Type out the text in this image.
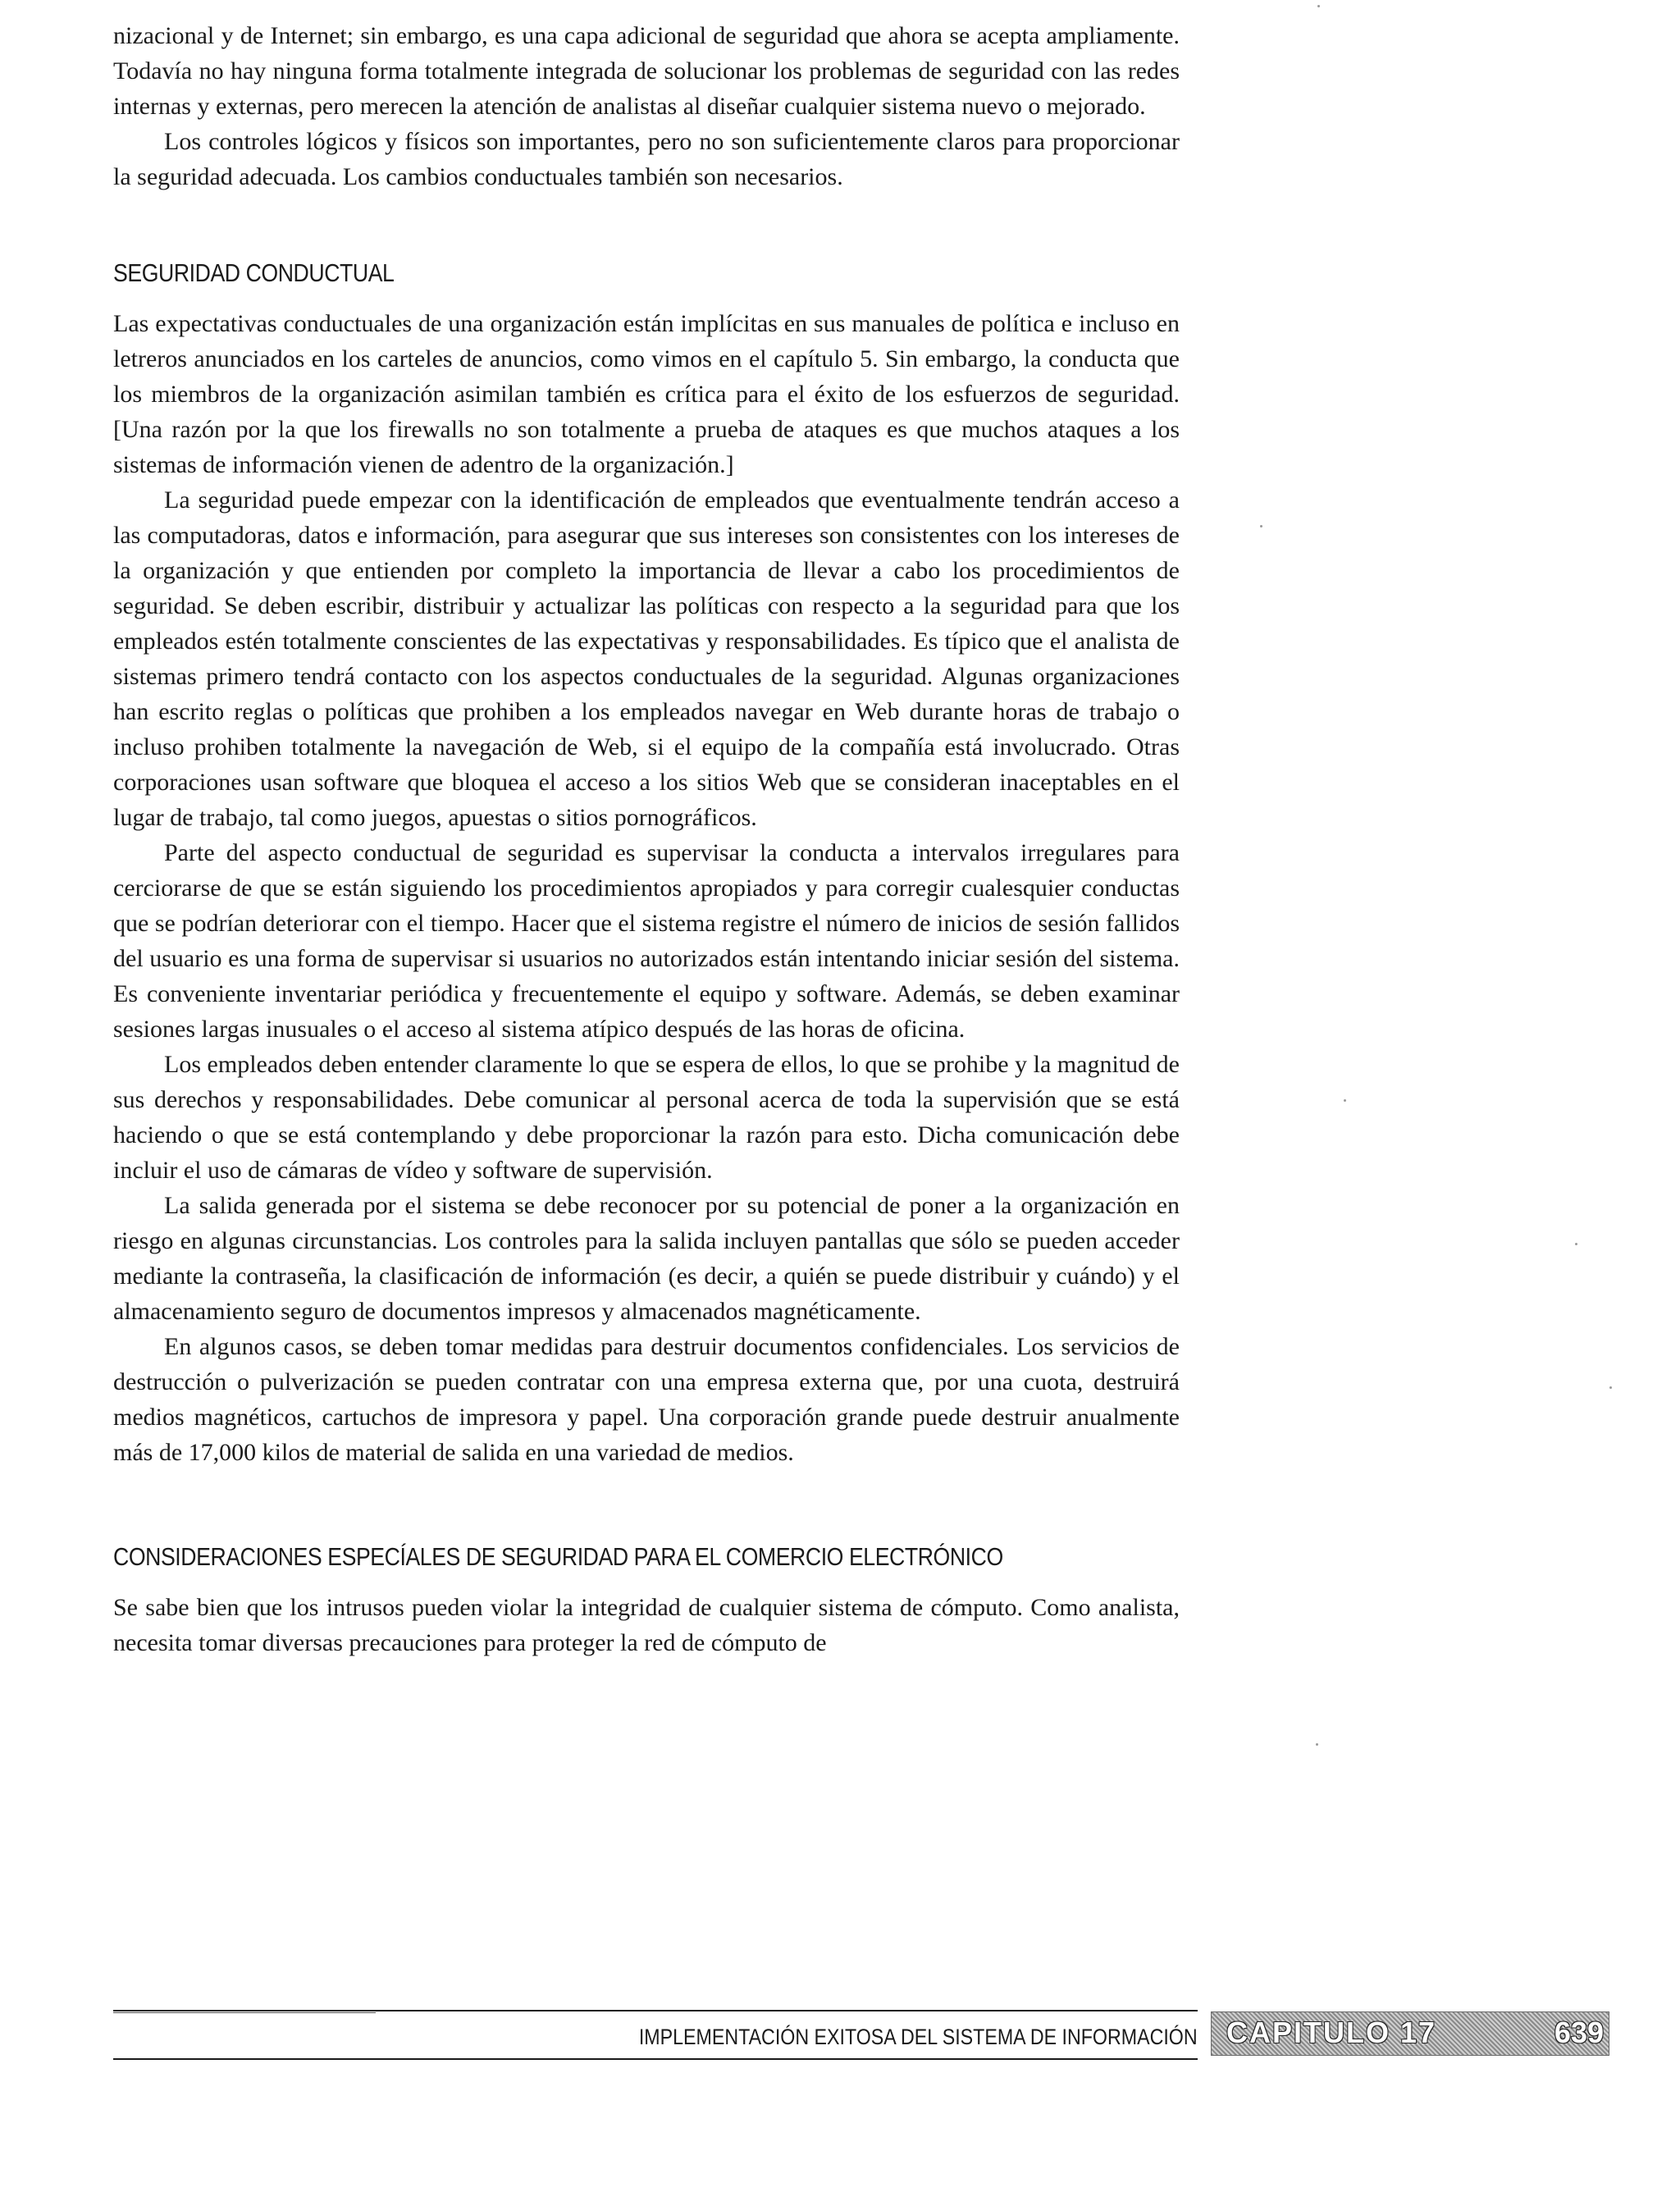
nizacional y de Internet; sin embargo, es una capa adicional de seguridad que ahora se acepta ampliamente. Todavía no hay ninguna forma totalmente integrada de solucionar los problemas de seguridad con las redes internas y externas, pero merecen la atención de analistas al diseñar cualquier sistema nuevo o mejorado.

Los controles lógicos y físicos son importantes, pero no son suficientemente claros para proporcionar la seguridad adecuada. Los cambios conductuales también son necesarios.

SEGURIDAD CONDUCTUAL

Las expectativas conductuales de una organización están implícitas en sus manuales de política e incluso en letreros anunciados en los carteles de anuncios, como vimos en el capítulo 5. Sin embargo, la conducta que los miembros de la organización asimilan también es crítica para el éxito de los esfuerzos de seguridad. [Una razón por la que los firewalls no son totalmente a prueba de ataques es que muchos ataques a los sistemas de información vienen de adentro de la organización.]

La seguridad puede empezar con la identificación de empleados que eventualmente tendrán acceso a las computadoras, datos e información, para asegurar que sus intereses son consistentes con los intereses de la organización y que entienden por completo la importancia de llevar a cabo los procedimientos de seguridad. Se deben escribir, distribuir y actualizar las políticas con respecto a la seguridad para que los empleados estén totalmente conscientes de las expectativas y responsabilidades. Es típico que el analista de sistemas primero tendrá contacto con los aspectos conductuales de la seguridad. Algunas organizaciones han escrito reglas o políticas que prohiben a los empleados navegar en Web durante horas de trabajo o incluso prohiben totalmente la navegación de Web, si el equipo de la compañía está involucrado. Otras corporaciones usan software que bloquea el acceso a los sitios Web que se consideran inaceptables en el lugar de trabajo, tal como juegos, apuestas o sitios pornográficos.

Parte del aspecto conductual de seguridad es supervisar la conducta a intervalos irregulares para cerciorarse de que se están siguiendo los procedimientos apropiados y para corregir cualesquier conductas que se podrían deteriorar con el tiempo. Hacer que el sistema registre el número de inicios de sesión fallidos del usuario es una forma de supervisar si usuarios no autorizados están intentando iniciar sesión del sistema. Es conveniente inventariar periódica y frecuentemente el equipo y software. Además, se deben examinar sesiones largas inusuales o el acceso al sistema atípico después de las horas de oficina.

Los empleados deben entender claramente lo que se espera de ellos, lo que se prohibe y la magnitud de sus derechos y responsabilidades. Debe comunicar al personal acerca de toda la supervisión que se está haciendo o que se está contemplando y debe proporcionar la razón para esto. Dicha comunicación debe incluir el uso de cámaras de vídeo y software de supervisión.

La salida generada por el sistema se debe reconocer por su potencial de poner a la organización en riesgo en algunas circunstancias. Los controles para la salida incluyen pantallas que sólo se pueden acceder mediante la contraseña, la clasificación de información (es decir, a quién se puede distribuir y cuándo) y el almacenamiento seguro de documentos impresos y almacenados magnéticamente.

En algunos casos, se deben tomar medidas para destruir documentos confidenciales. Los servicios de destrucción o pulverización se pueden contratar con una empresa externa que, por una cuota, destruirá medios magnéticos, cartuchos de impresora y papel. Una corporación grande puede destruir anualmente más de 17,000 kilos de material de salida en una variedad de medios.

CONSIDERACIONES ESPECÍALES DE SEGURIDAD PARA EL COMERCIO ELECTRÓNICO

Se sabe bien que los intrusos pueden violar la integridad de cualquier sistema de cómputo. Como analista, necesita tomar diversas precauciones para proteger la red de cómputo de

IMPLEMENTACIÓN EXITOSA DEL SISTEMA DE INFORMACIÓN CAPITULO 17	639
